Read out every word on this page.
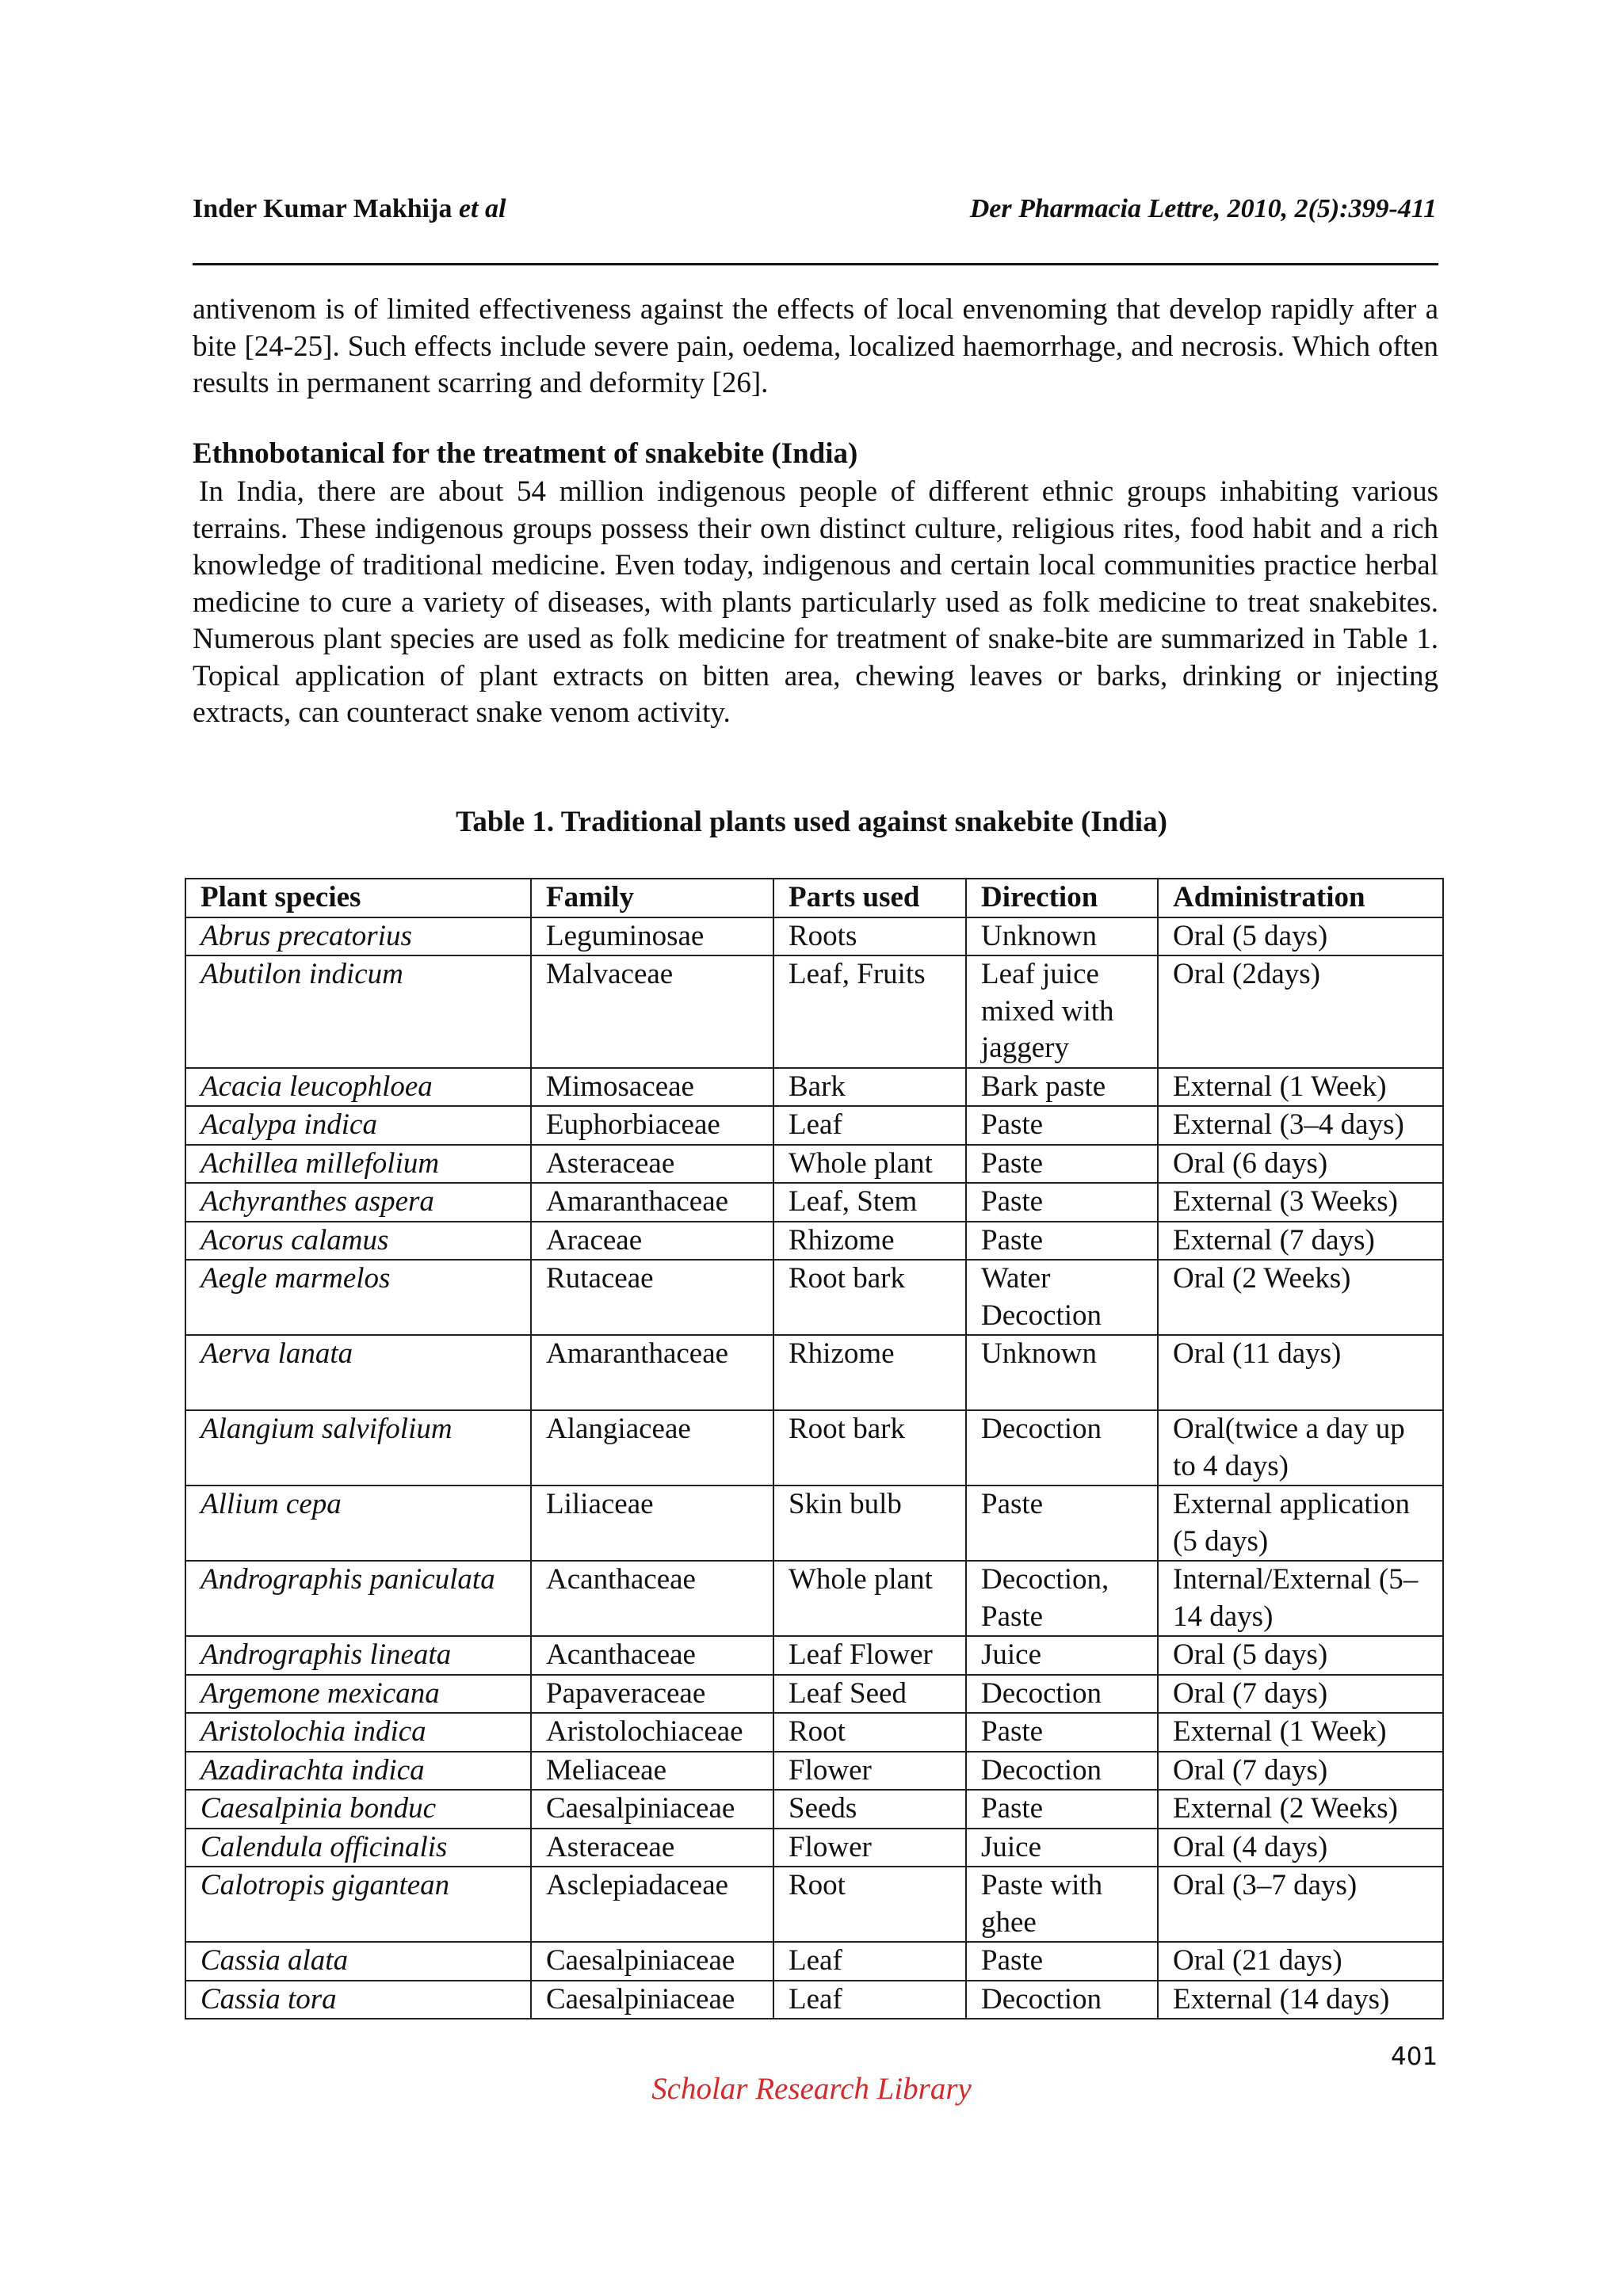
Inder Kumar Makhija et al	Der Pharmacia Lettre, 2010, 2(5):399-411
antivenom is of limited effectiveness against the effects of local envenoming that develop rapidly after a bite [24-25]. Such effects include severe pain, oedema, localized haemorrhage, and necrosis. Which often results in permanent scarring and deformity [26].
Ethnobotanical for the treatment of snakebite (India)
In India, there are about 54 million indigenous people of different ethnic groups inhabiting various terrains. These indigenous groups possess their own distinct culture, religious rites, food habit and a rich knowledge of traditional medicine. Even today, indigenous and certain local communities practice herbal medicine to cure a variety of diseases, with plants particularly used as folk medicine to treat snakebites. Numerous plant species are used as folk medicine for treatment of snake-bite are summarized in Table 1. Topical application of plant extracts on bitten area, chewing leaves or barks, drinking or injecting extracts, can counteract snake venom activity.
Table 1. Traditional plants used against snakebite (India)
Plant species	Family	Parts used	Direction	Administration
Abrus precatorius	Leguminosae	Roots	Unknown	Oral (5 days)
Abutilon indicum	Malvaceae	Leaf, Fruits	Leaf juice mixed with jaggery	Oral (2days)
Acacia leucophloea	Mimosaceae	Bark	Bark paste	External (1 Week)
Acalypa indica	Euphorbiaceae	Leaf	Paste	External (3–4 days)
Achillea millefolium	Asteraceae	Whole plant	Paste	Oral (6 days)
Achyranthes aspera	Amaranthaceae	Leaf, Stem	Paste	External (3 Weeks)
Acorus calamus	Araceae	Rhizome	Paste	External (7 days)
Aegle marmelos	Rutaceae	Root bark	Water Decoction	Oral (2 Weeks)
Aerva lanata	Amaranthaceae	Rhizome	Unknown	Oral (11 days)
Alangium salvifolium	Alangiaceae	Root bark	Decoction	Oral(twice a day up to 4 days)
Allium cepa	Liliaceae	Skin bulb	Paste	External application (5 days)
Andrographis paniculata	Acanthaceae	Whole plant	Decoction, Paste	Internal/External (5–14 days)
Andrographis lineata	Acanthaceae	Leaf Flower	Juice	Oral (5 days)
Argemone mexicana	Papaveraceae	Leaf Seed	Decoction	Oral (7 days)
Aristolochia indica	Aristolochiaceae	Root	Paste	External (1 Week)
Azadirachta indica	Meliaceae	Flower	Decoction	Oral (7 days)
Caesalpinia bonduc	Caesalpiniaceae	Seeds	Paste	External (2 Weeks)
Calendula officinalis	Asteraceae	Flower	Juice	Oral (4 days)
Calotropis gigantean	Asclepiadaceae	Root	Paste with ghee	Oral (3–7 days)
Cassia alata	Caesalpiniaceae	Leaf	Paste	Oral (21 days)
Cassia tora	Caesalpiniaceae	Leaf	Decoction	External (14 days)
401
Scholar Research Library
